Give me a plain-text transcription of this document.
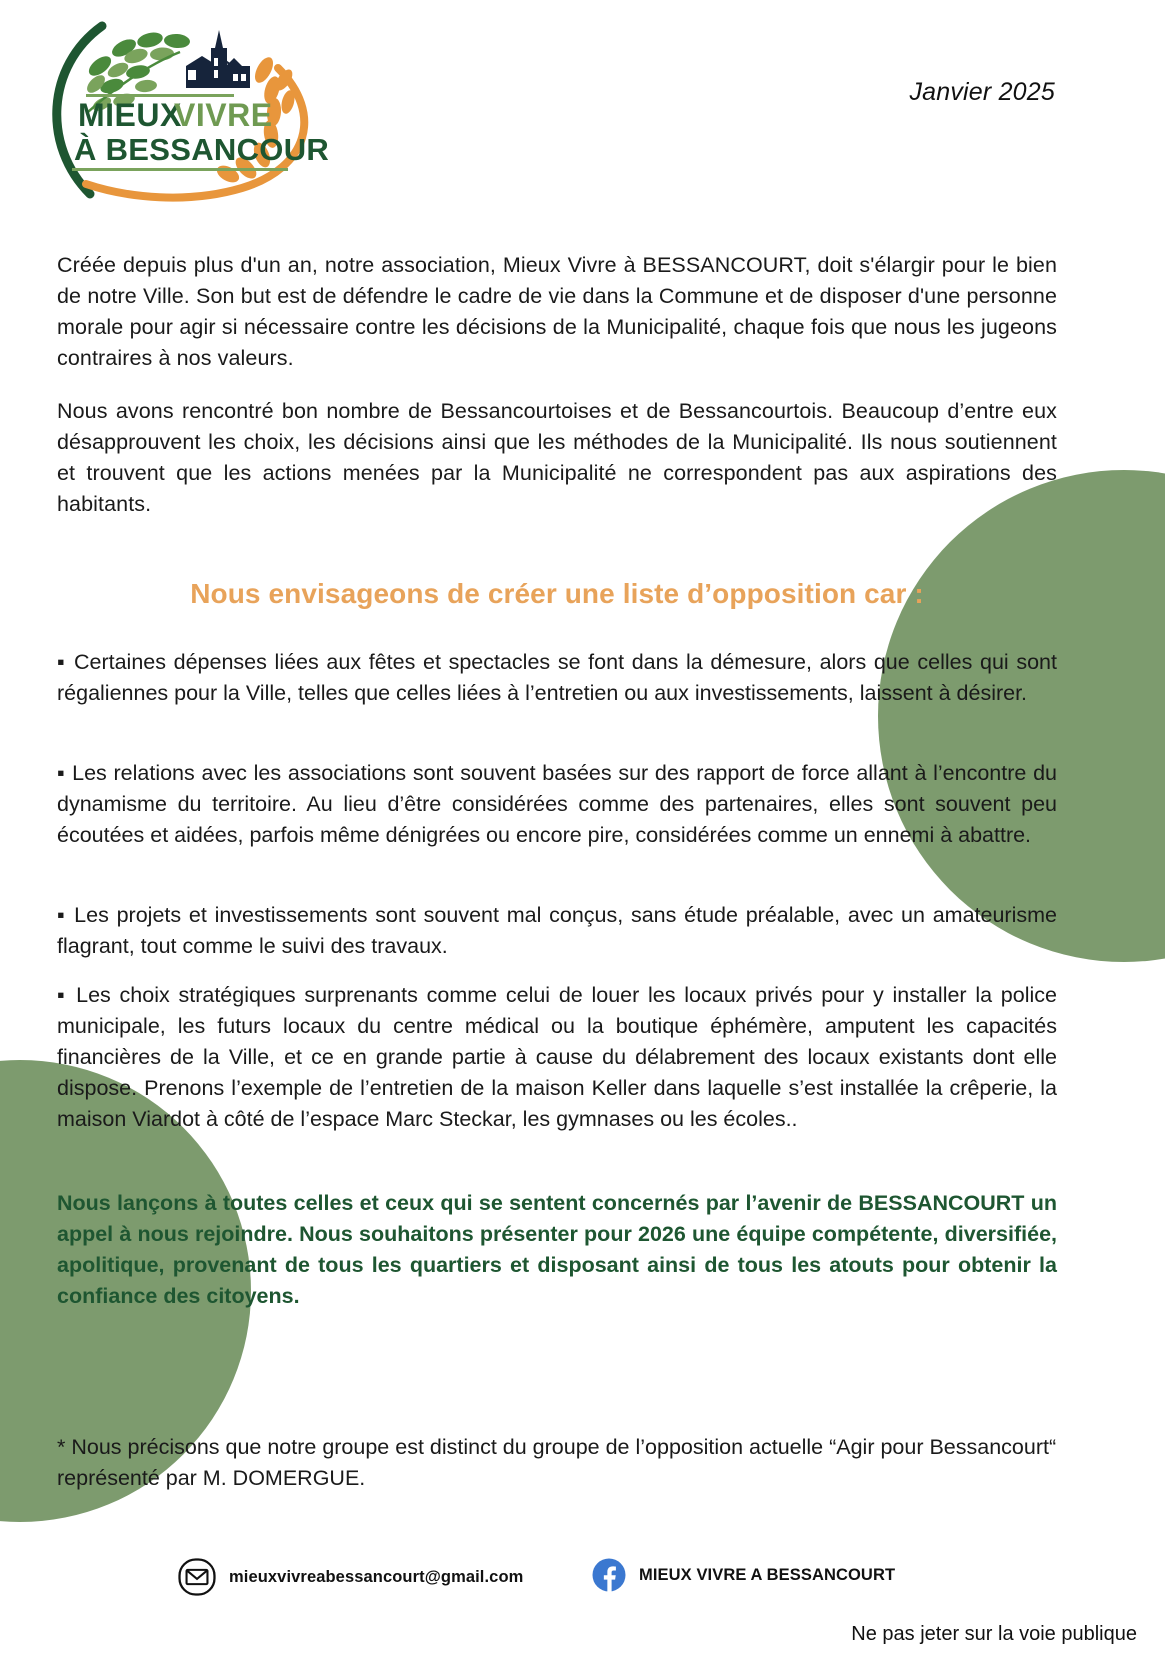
MIEUX
VIVRE
À BESSANCOURT
Janvier 2025
Créée depuis plus d'un an, notre association, Mieux Vivre à BESSANCOURT, doit s'élargir pour le bien de notre Ville. Son but est de défendre le cadre de vie dans la Commune et de disposer d'une personne morale pour agir si nécessaire contre les décisions de la Municipalité, chaque fois que nous les jugeons contraires à nos valeurs.
Nous avons rencontré bon nombre de Bessancourtoises et de Bessancourtois. Beaucoup d’entre eux désapprouvent les choix, les décisions ainsi que les méthodes de la Municipalité. Ils nous soutiennent et trouvent que les actions menées par la Municipalité ne correspondent pas aux aspirations des habitants.
Nous envisageons de créer une liste d’opposition car :
▪ Certaines dépenses liées aux fêtes et spectacles se font dans la démesure, alors que celles qui sont régaliennes pour la Ville, telles que celles liées à l’entretien ou aux investissements, laissent à désirer.
▪ Les relations avec les associations sont souvent basées sur des rapport de force allant à l’encontre du dynamisme du territoire. Au lieu d’être considérées comme des partenaires, elles sont souvent peu écoutées et aidées, parfois même dénigrées ou encore pire, considérées comme un ennemi à abattre.
▪ Les projets et investissements sont souvent mal conçus, sans étude préalable, avec un amateurisme flagrant, tout comme le suivi des travaux.
▪ Les choix stratégiques surprenants comme celui de louer les locaux privés pour y installer la police municipale, les futurs locaux du centre médical ou la boutique éphémère, amputent les capacités financières de la Ville, et ce en grande partie à cause du délabrement des locaux existants dont elle dispose. Prenons l’exemple de l’entretien de la maison Keller dans laquelle s’est installée la crêperie, la maison Viardot à côté de l’espace Marc Steckar, les gymnases ou les écoles..
Nous lançons à toutes celles et ceux qui se sentent concernés par l’avenir de BESSANCOURT un appel à nous rejoindre. Nous souhaitons présenter pour 2026 une équipe compétente, diversifiée, apolitique, provenant de tous les quartiers et disposant ainsi de tous les atouts pour obtenir la confiance des citoyens.
* Nous précisons que notre groupe est distinct du groupe de l’opposition actuelle “Agir pour Bessancourt“ représenté par M. DOMERGUE.
mieuxvivreabessancourt@gmail.com	MIEUX VIVRE A BESSANCOURT
Ne pas jeter sur la voie publique
